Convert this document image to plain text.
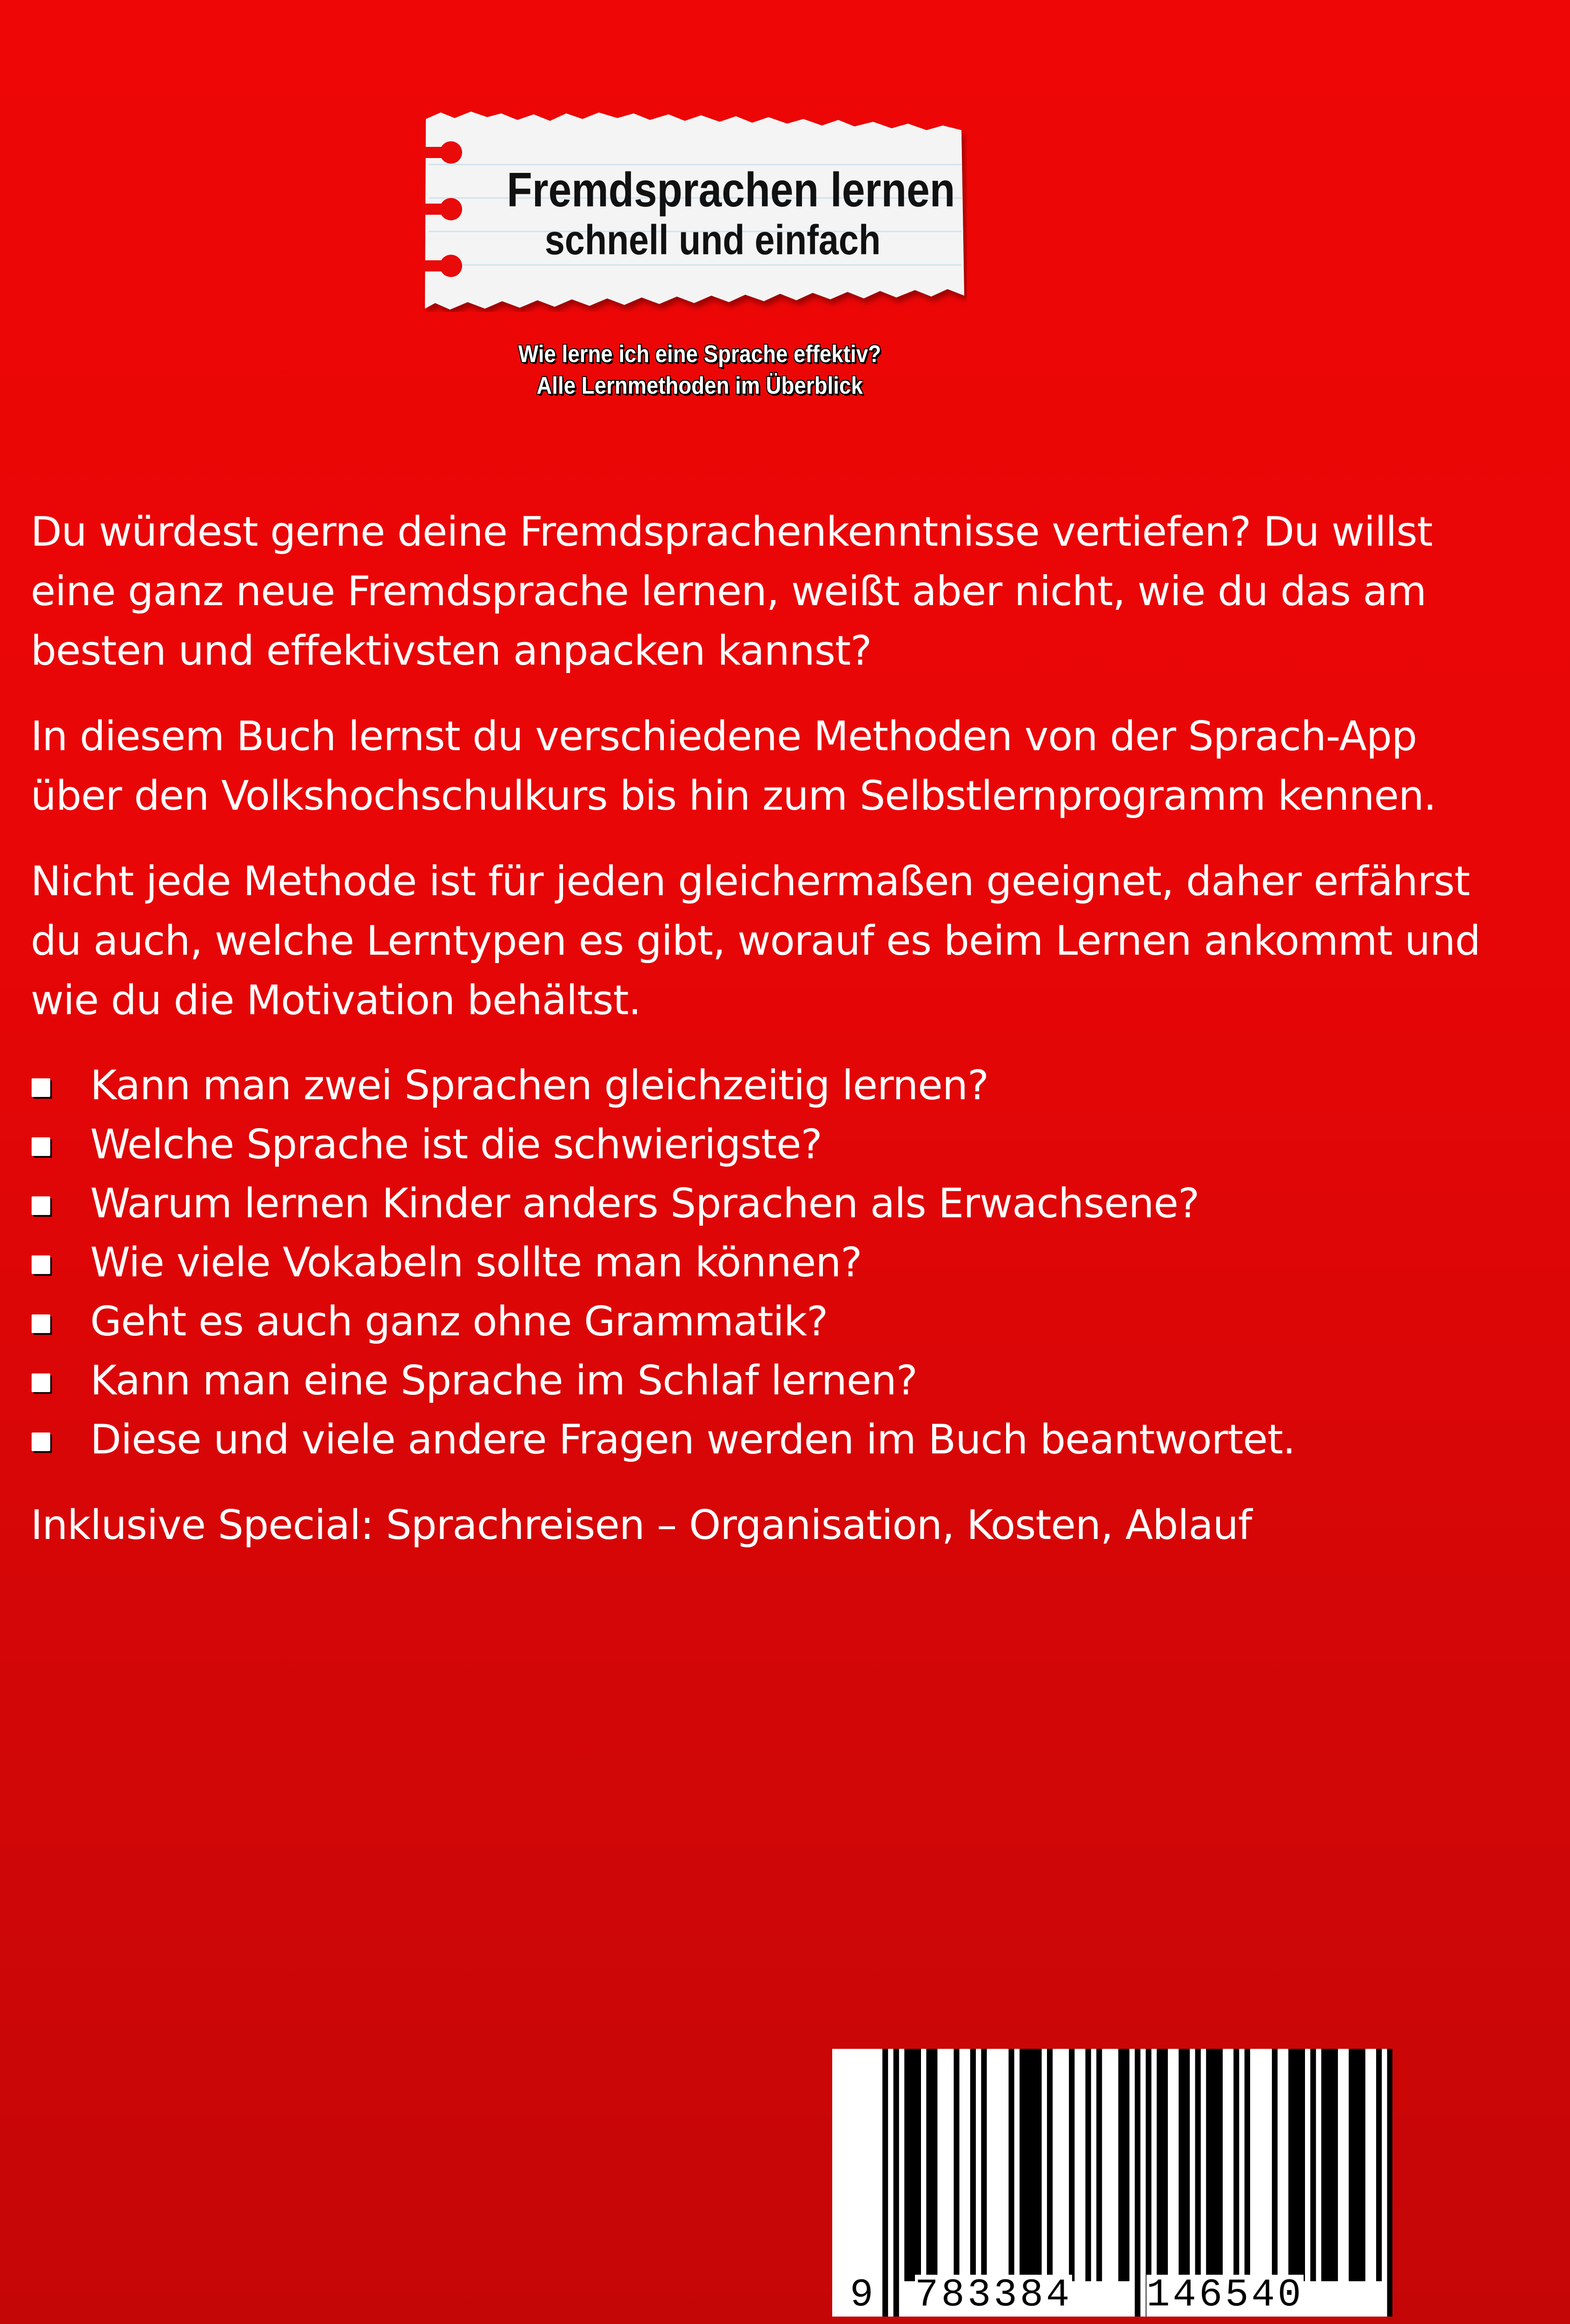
Fremdsprachen lernen
schnell und einfach
Wie lerne ich eine Sprache effektiv?
Alle Lernmethoden im Überblick

Du würdest gerne deine Fremdsprachenkenntnisse vertiefen? Du willst eine ganz neue Fremdsprache lernen, weißt aber nicht, wie du das am besten und effektivsten anpacken kannst?

In diesem Buch lernst du verschiedene Methoden von der Sprach-App über den Volkshochschulkurs bis hin zum Selbstlernprogramm kennen.

Nicht jede Methode ist für jeden gleichermaßen geeignet, daher erfährst du auch, welche Lerntypen es gibt, worauf es beim Lernen ankommt und wie du die Motivation behältst.

Kann man zwei Sprachen gleichzeitig lernen?
Welche Sprache ist die schwierigste?
Warum lernen Kinder anders Sprachen als Erwachsene?
Wie viele Vokabeln sollte man können?
Geht es auch ganz ohne Grammatik?
Kann man eine Sprache im Schlaf lernen?
Diese und viele andere Fragen werden im Buch beantwortet.

Inklusive Special: Sprachreisen – Organisation, Kosten, Ablauf

9 783384 146540
